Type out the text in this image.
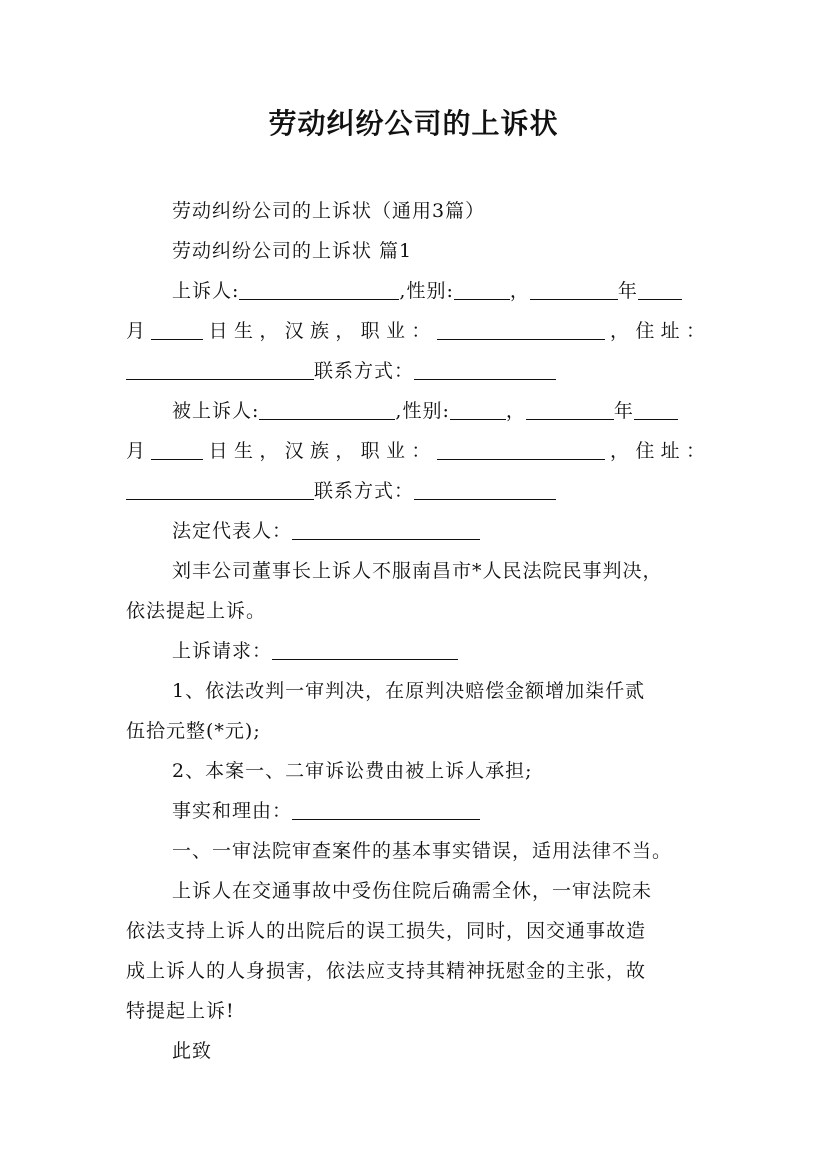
劳动纠纷公司的上诉状
劳动纠纷公司的上诉状（通用3篇）
劳动纠纷公司的上诉状 篇1
上诉人:	,性别:	，	年
月	日生，汉族，职业：	，住址：
联系方式：
被上诉人:	,性别:	，	年
月	日生，汉族，职业：	，住址：
联系方式：
法定代表人：
刘丰公司董事长上诉人不服南昌市*人民法院民事判决，
依法提起上诉。
上诉请求：
1、依法改判一审判决，在原判决赔偿金额增加柒仟贰
伍拾元整(*元);
2、本案一、二审诉讼费由被上诉人承担;
事实和理由：
一、一审法院审查案件的基本事实错误，适用法律不当。
上诉人在交通事故中受伤住院后确需全休，一审法院未
依法支持上诉人的出院后的误工损失，同时，因交通事故造
成上诉人的人身损害，依法应支持其精神抚慰金的主张，故
特提起上诉!
此致
